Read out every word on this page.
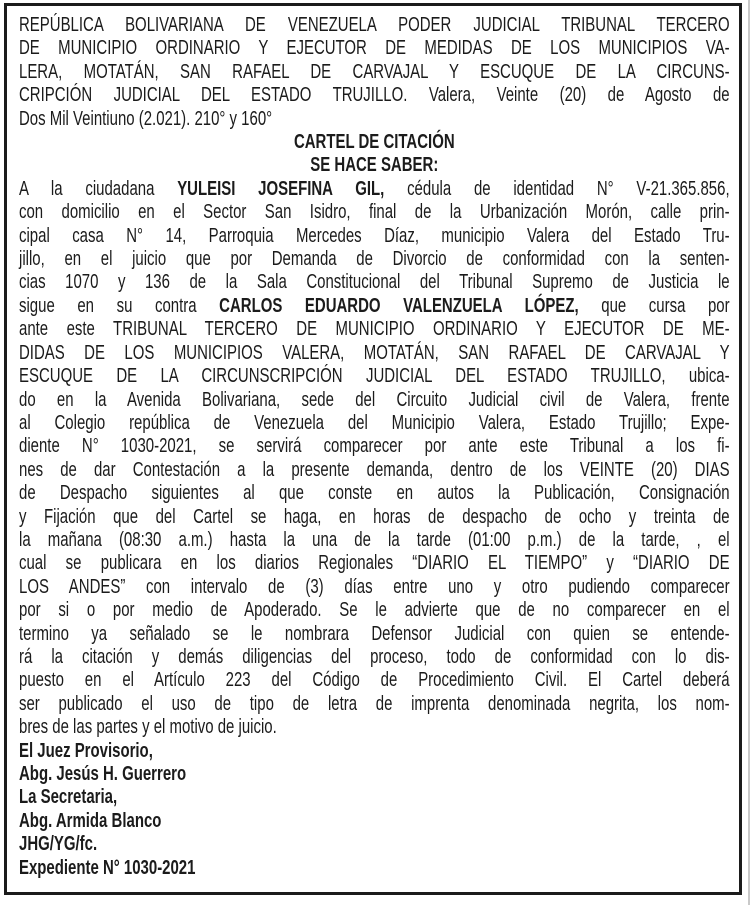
REPÚBLICA BOLIVARIANA DE VENEZUELA PODER JUDICIAL TRIBUNAL TERCERO
DE MUNICIPIO ORDINARIO Y EJECUTOR DE MEDIDAS DE LOS MUNICIPIOS VA-
LERA, MOTATÁN, SAN RAFAEL DE CARVAJAL Y ESCUQUE DE LA CIRCUNS-
CRIPCIÓN JUDICIAL DEL ESTADO TRUJILLO. Valera, Veinte (20) de Agosto de
Dos Mil Veintiuno (2.021). 210° y 160°
CARTEL DE CITACIÓN
SE HACE SABER:
A la ciudadana YULEISI JOSEFINA GIL, cédula de identidad N° V-21.365.856,
con domicilio en el Sector San Isidro, final de la Urbanización Morón, calle prin-
cipal casa N° 14, Parroquia Mercedes Díaz, municipio Valera del Estado Tru-
jillo, en el juicio que por Demanda de Divorcio de conformidad con la senten-
cias 1070 y 136 de la Sala Constitucional del Tribunal Supremo de Justicia le
sigue en su contra CARLOS EDUARDO VALENZUELA LÓPEZ, que cursa por
ante este TRIBUNAL TERCERO DE MUNICIPIO ORDINARIO Y EJECUTOR DE ME-
DIDAS DE LOS MUNICIPIOS VALERA, MOTATÁN, SAN RAFAEL DE CARVAJAL Y
ESCUQUE DE LA CIRCUNSCRIPCIÓN JUDICIAL DEL ESTADO TRUJILLO, ubica-
do en la Avenida Bolivariana, sede del Circuito Judicial civil de Valera, frente
al Colegio república de Venezuela del Municipio Valera, Estado Trujillo; Expe-
diente N° 1030-2021, se servirá comparecer por ante este Tribunal a los fi-
nes de dar Contestación a la presente demanda, dentro de los VEINTE (20) DIAS
de Despacho siguientes al que conste en autos la Publicación, Consignación
y Fijación que del Cartel se haga, en horas de despacho de ocho y treinta de
la mañana (08:30 a.m.) hasta la una de la tarde (01:00 p.m.) de la tarde, , el
cual se publicara en los diarios Regionales “DIARIO EL TIEMPO” y “DIARIO DE
LOS ANDES” con intervalo de (3) días entre uno y otro pudiendo comparecer
por si o por medio de Apoderado. Se le advierte que de no comparecer en el
termino ya señalado se le nombrara Defensor Judicial con quien se entende-
rá la citación y demás diligencias del proceso, todo de conformidad con lo dis-
puesto en el Artículo 223 del Código de Procedimiento Civil. El Cartel deberá
ser publicado el uso de tipo de letra de imprenta denominada negrita, los nom-
bres de las partes y el motivo de juicio.
El Juez Provisorio,
Abg. Jesús H. Guerrero
La Secretaria,
Abg. Armida Blanco
JHG/YG/fc.
Expediente N° 1030-2021
